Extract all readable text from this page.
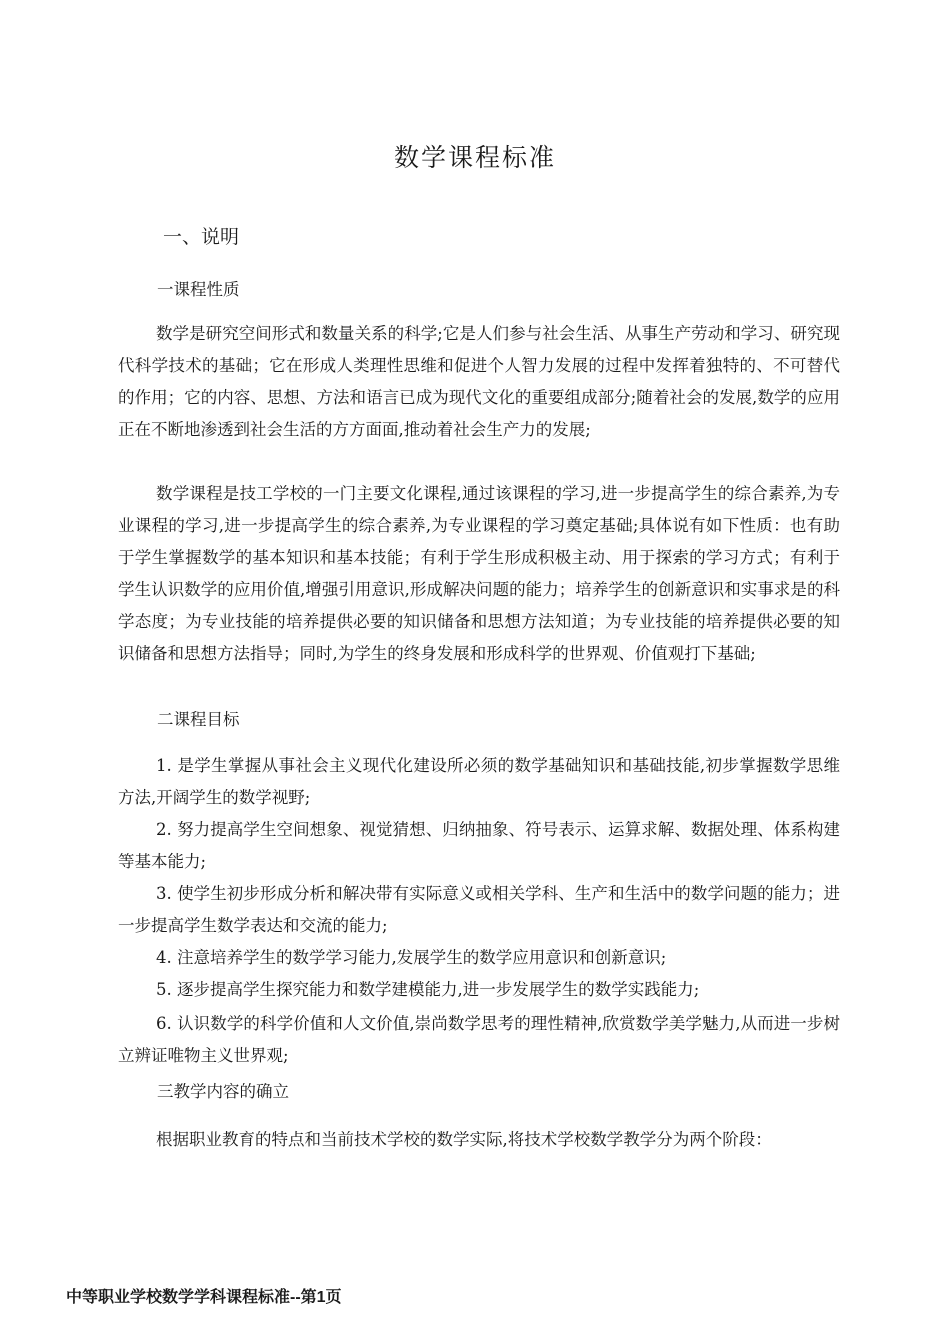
数学课程标准
一、说明

一课程性质

数学是研究空间形式和数量关系的科学;它是人们参与社会生活、从事生产劳动和学习、研究现代科学技术的基础；它在形成人类理性思维和促进个人智力发展的过程中发挥着独特的、不可替代的作用；它的内容、思想、方法和语言已成为现代文化的重要组成部分;随着社会的发展,数学的应用正在不断地渗透到社会生活的方方面面,推动着社会生产力的发展;

数学课程是技工学校的一门主要文化课程,通过该课程的学习,进一步提高学生的综合素养,为专业课程的学习,进一步提高学生的综合素养,为专业课程的学习奠定基础;具体说有如下性质：也有助于学生掌握数学的基本知识和基本技能；有利于学生形成积极主动、用于探索的学习方式；有利于学生认识数学的应用价值,增强引用意识,形成解决问题的能力；培养学生的创新意识和实事求是的科学态度；为专业技能的培养提供必要的知识储备和思想方法知道；为专业技能的培养提供必要的知识储备和思想方法指导；同时,为学生的终身发展和形成科学的世界观、价值观打下基础;

二课程目标

1. 是学生掌握从事社会主义现代化建设所必须的数学基础知识和基础技能,初步掌握数学思维方法,开阔学生的数学视野;

2. 努力提高学生空间想象、视觉猜想、归纳抽象、符号表示、运算求解、数据处理、体系构建等基本能力;

3. 使学生初步形成分析和解决带有实际意义或相关学科、生产和生活中的数学问题的能力；进一步提高学生数学表达和交流的能力;

4. 注意培养学生的数学学习能力,发展学生的数学应用意识和创新意识;

5. 逐步提高学生探究能力和数学建模能力,进一步发展学生的数学实践能力;

6. 认识数学的科学价值和人文价值,崇尚数学思考的理性精神,欣赏数学美学魅力,从而进一步树立辨证唯物主义世界观;

三教学内容的确立

根据职业教育的特点和当前技术学校的数学实际,将技术学校数学教学分为两个阶段：

中等职业学校数学学科课程标准--第1页
